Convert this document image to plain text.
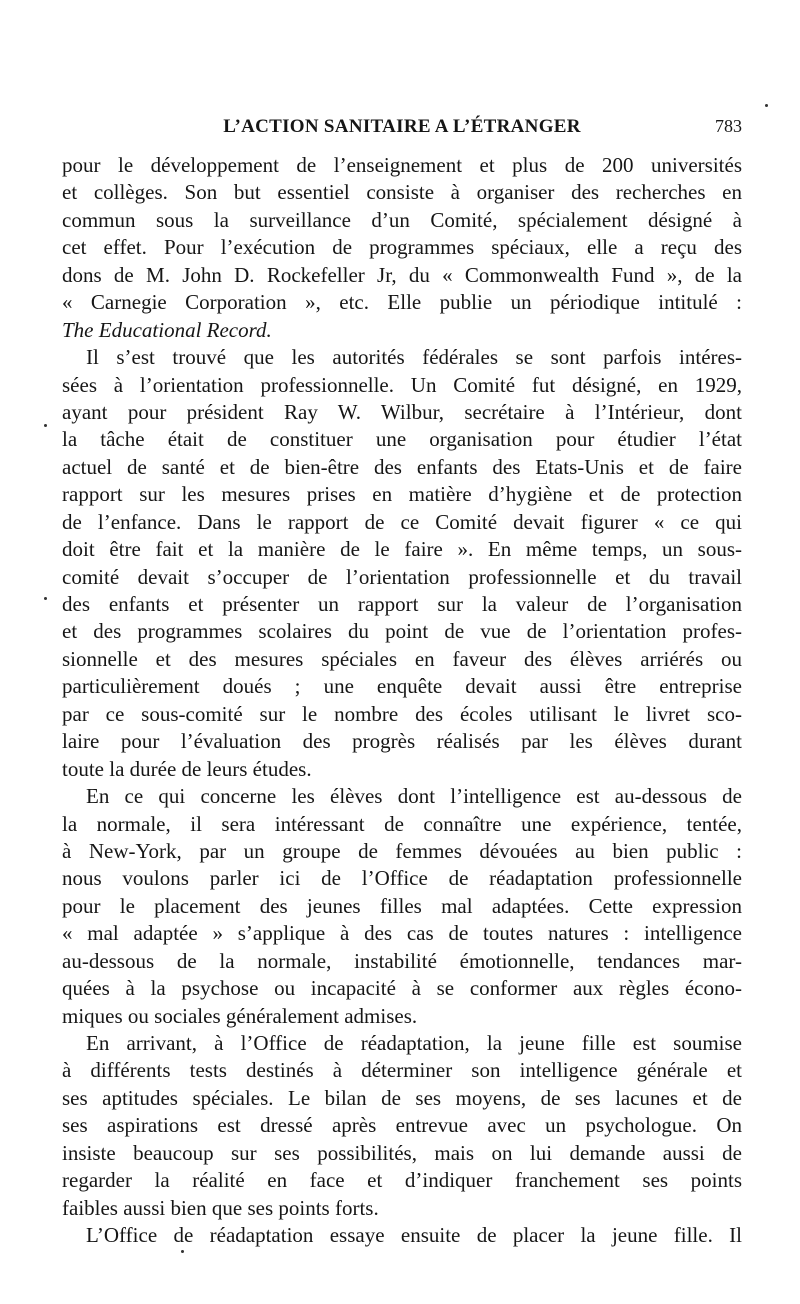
L’ACTION SANITAIRE A L’ÉTRANGER	783
pour le développement de l’enseignement et plus de 200 universités
et collèges. Son but essentiel consiste à organiser des recherches en
commun sous la surveillance d’un Comité, spécialement désigné à
cet effet. Pour l’exécution de programmes spéciaux, elle a reçu des
dons de M. John D. Rockefeller Jr, du « Commonwealth Fund », de la
« Carnegie Corporation », etc. Elle publie un périodique intitulé :
The Educational Record.
Il s’est trouvé que les autorités fédérales se sont parfois intéres-
sées à l’orientation professionnelle. Un Comité fut désigné, en 1929,
ayant pour président Ray W. Wilbur, secrétaire à l’Intérieur, dont
la tâche était de constituer une organisation pour étudier l’état
actuel de santé et de bien-être des enfants des Etats-Unis et de faire
rapport sur les mesures prises en matière d’hygiène et de protection
de l’enfance. Dans le rapport de ce Comité devait figurer « ce qui
doit être fait et la manière de le faire ». En même temps, un sous-
comité devait s’occuper de l’orientation professionnelle et du travail
des enfants et présenter un rapport sur la valeur de l’organisation
et des programmes scolaires du point de vue de l’orientation profes-
sionnelle et des mesures spéciales en faveur des élèves arriérés ou
particulièrement doués ; une enquête devait aussi être entreprise
par ce sous-comité sur le nombre des écoles utilisant le livret sco-
laire pour l’évaluation des progrès réalisés par les élèves durant
toute la durée de leurs études.
En ce qui concerne les élèves dont l’intelligence est au-dessous de
la normale, il sera intéressant de connaître une expérience, tentée,
à New-York, par un groupe de femmes dévouées au bien public :
nous voulons parler ici de l’Office de réadaptation professionnelle
pour le placement des jeunes filles mal adaptées. Cette expression
« mal adaptée » s’applique à des cas de toutes natures : intelligence
au-dessous de la normale, instabilité émotionnelle, tendances mar-
quées à la psychose ou incapacité à se conformer aux règles écono-
miques ou sociales généralement admises.
En arrivant, à l’Office de réadaptation, la jeune fille est soumise
à différents tests destinés à déterminer son intelligence générale et
ses aptitudes spéciales. Le bilan de ses moyens, de ses lacunes et de
ses aspirations est dressé après entrevue avec un psychologue. On
insiste beaucoup sur ses possibilités, mais on lui demande aussi de
regarder la réalité en face et d’indiquer franchement ses points
faibles aussi bien que ses points forts.
L’Office de réadaptation essaye ensuite de placer la jeune fille. Il
